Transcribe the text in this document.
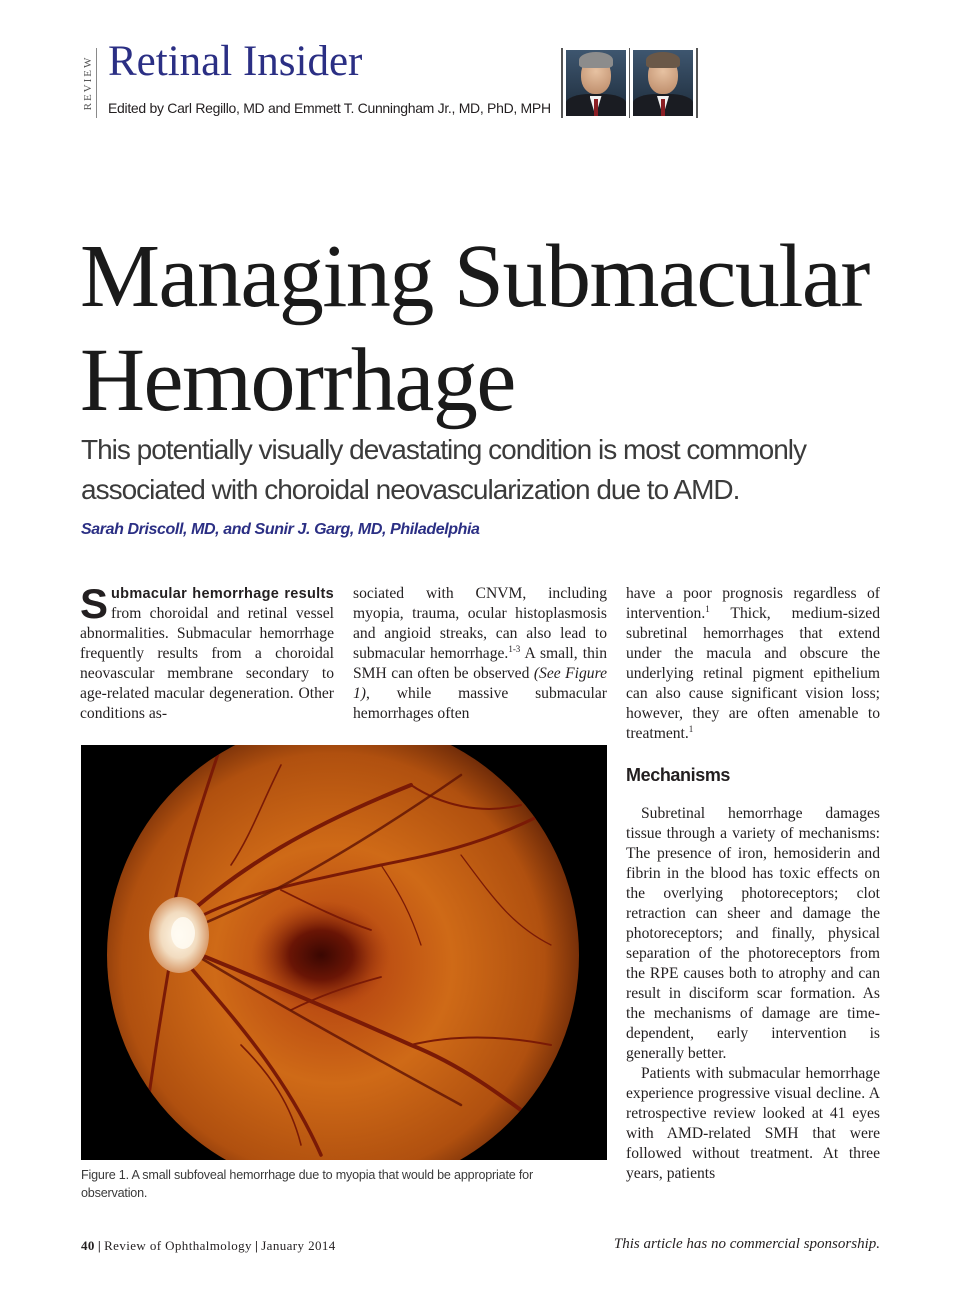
REVIEW Retinal Insider
Edited by Carl Regillo, MD and Emmett T. Cunningham Jr., MD, PhD, MPH
Managing Submacular
Hemorrhage

This potentially visually devastating condition is most commonly associated with choroidal neovascularization due to AMD.

Sarah Driscoll, MD, and Sunir J. Garg, MD, Philadelphia

Submacular hemorrhage results from choroidal and retinal vessel abnormalities. Submacular hemorrhage frequently results from a choroidal neovascular membrane secondary to age-related macular degeneration. Other conditions as-

sociated with CNVM, including myopia, trauma, ocular histoplasmosis and angioid streaks, can also lead to submacular hemorrhage.$^{1-3}$ A small, thin SMH can often be observed (See Figure 1), while massive submacular hemorrhages often

have a poor prognosis regardless of intervention.$^1$ Thick, medium-sized subretinal hemorrhages that extend under the macula and obscure the underlying retinal pigment epithelium can also cause significant vision loss; however, they are often amenable to treatment.$^1$

Mechanisms

Subretinal hemorrhage damages tissue through a variety of mechanisms: The presence of iron, hemosiderin and fibrin in the blood has toxic effects on the overlying photoreceptors; clot retraction can sheer and damage the photoreceptors; and finally, physical separation of the photoreceptors from the RPE causes both to atrophy and can result in disciform scar formation. As the mechanisms of damage are time-dependent, early intervention is generally better.

Patients with submacular hemorrhage experience progressive visual decline. A retrospective review looked at 41 eyes with AMD-related SMH that were followed without treatment. At three years, patients

Figure 1. A small subfoveal hemorrhage due to myopia that would be appropriate for observation.
40 | Review of Ophthalmology | January 2014	This article has no commercial sponsorship.
